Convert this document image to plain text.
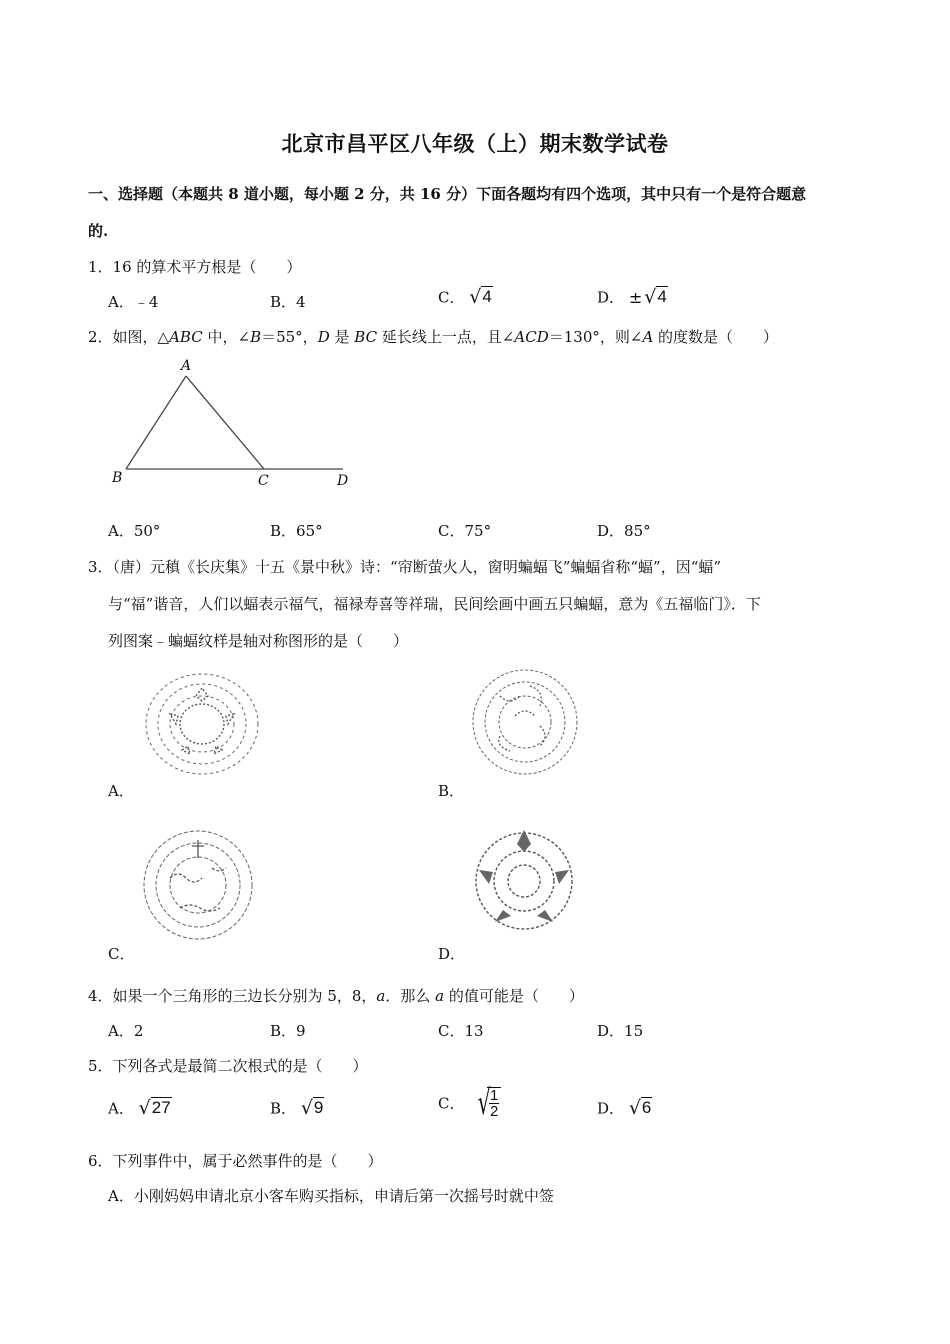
北京市昌平区八年级（上）期末数学试卷
一、选择题（本题共 8 道小题，每小题 2 分，共 16 分）下面各题均有四个选项，其中只有一个是符合题意
的.
1．16 的算术平方根是（　　）
A．﹣4	B．4	C． √ 4	D． ± √ 4
2．如图，△ABC 中，∠B＝55°，D 是 BC 延长线上一点，且∠ACD＝130°，则∠A 的度数是（　　）
A
B	C	D
A．50°	B．65°	C．75°	D．85°
3．（唐）元稹《长庆集》十五《景中秋》诗：“帘断萤火人，窗明蝙蝠飞”蝙蝠省称“蝠”，因“蝠”
与“福”谐音，人们以蝠表示福气，福禄寿喜等祥瑞，民间绘画中画五只蝙蝠，意为《五福临门》．下
列图案﹣蝙蝠纹样是轴对称图形的是（　　）
A．	B．
C．	D．
4．如果一个三角形的三边长分别为 5，8，a．那么 a 的值可能是（　　）
A．2	B．9	C．13	D．15
5．下列各式是最简二次根式的是（　　）
A． √ 27	B． √ 9	C． √
$\frac{1}{2}$	D． √ 6
6．下列事件中，属于必然事件的是（　　）
A．小刚妈妈申请北京小客车购买指标，申请后第一次摇号时就中签
